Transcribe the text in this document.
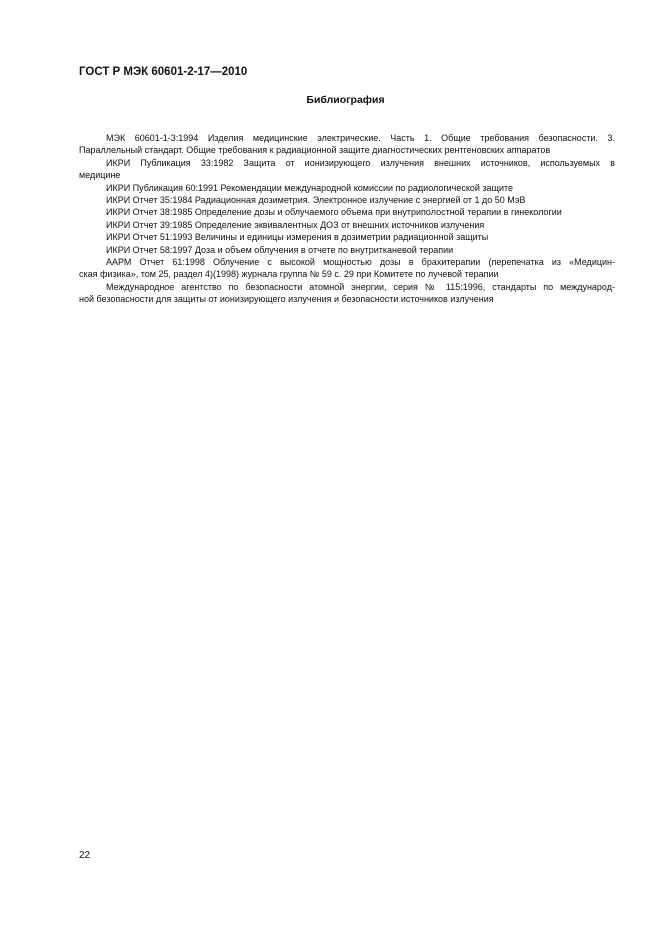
ГОСТ Р МЭК 60601-2-17—2010
Библиография
МЭК 60601-1-3:1994 Изделия медицинские электрические. Часть 1. Общие требования безопасности. 3.
Параллельный стандарт. Общие требования к радиационной защите диагностических рентгеновских аппаратов
ИКРИ Публикация 33:1982 Защита от ионизирующего излучения внешних источников, используемых в
медицине
ИКРИ Публикация 60:1991 Рекомендации международной комиссии по радиологической защите
ИКРИ Отчет 35:1984 Радиационная дозиметрия. Электронное излучение с энергией от 1 до 50 МэВ
ИКРИ Отчет 38:1985 Определение дозы и облучаемого объема при внутриполостной терапии в гинекологии
ИКРИ Отчет 39:1985 Определение эквивалентных ДОЗ от внешних источников излучения
ИКРИ Отчет 51:1993 Величины и единицы измерения в дозиметрии радиационной защиты
ИКРИ Отчет 58:1997 Доза и объем облучения в отчете по внутритканевой терапии
ААРМ Отчет 61:1998 Облучение с высокой мощностью дозы в брахитерапии (перепечатка из «Медицин-
ская физика», том 25, раздел 4)(1998) журнала группа № 59 с. 29 при Комитете по лучевой терапии
Международное агентство по безопасности атомной энергии, серия № 115:1996, стандарты по международ-
ной безопасности для защиты от ионизирующего излучения и безопасности источников излучения
22
